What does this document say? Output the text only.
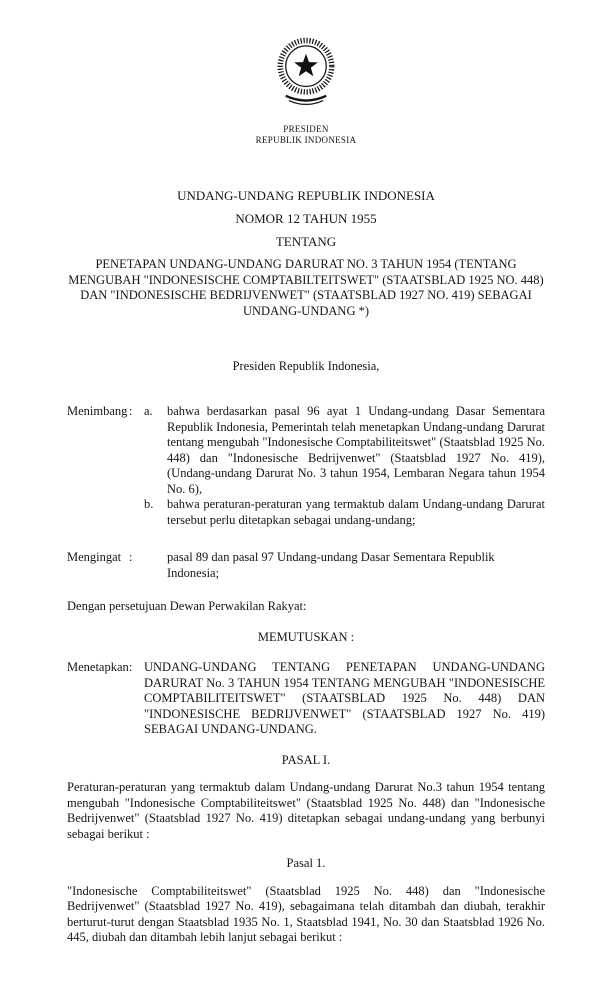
PRESIDEN
REPUBLIK INDONESIA
UNDANG-UNDANG REPUBLIK INDONESIA
NOMOR 12 TAHUN 1955
TENTANG
PENETAPAN UNDANG-UNDANG DARURAT NO. 3 TAHUN 1954 (TENTANG MENGUBAH "INDONESISCHE COMPTABILTEITSWET" (STAATSBLAD 1925 NO. 448) DAN "INDONESISCHE BEDRIJVENWET" (STAATSBLAD 1927 NO. 419) SEBAGAI UNDANG-UNDANG *)
Presiden Republik Indonesia,
Menimbang : a.	bahwa berdasarkan pasal 96 ayat 1 Undang-undang Dasar Sementara Republik Indonesia, Pemerintah telah menetapkan Undang-undang Darurat tentang mengubah "Indonesische Comptabiliteitswet" (Staatsblad 1925 No. 448) dan "Indonesische Bedrijvenwet" (Staatsblad 1927 No. 419), (Undang-undang Darurat No. 3 tahun 1954, Lembaran Negara tahun 1954 No. 6),
b.	bahwa peraturan-peraturan yang termaktub dalam Undang-undang Darurat tersebut perlu ditetapkan sebagai undang-undang;
Mengingat :	pasal 89 dan pasal 97 Undang-undang Dasar Sementara Republik Indonesia;
Dengan persetujuan Dewan Perwakilan Rakyat:
MEMUTUSKAN :
Menetapkan : UNDANG-UNDANG TENTANG PENETAPAN UNDANG-UNDANG DARURAT No. 3 TAHUN 1954 TENTANG MENGUBAH "INDONESISCHE COMPTABILITEITSWET" (STAATSBLAD 1925 No. 448) DAN "INDONESISCHE BEDRIJVENWET" (STAATSBLAD 1927 No. 419) SEBAGAI UNDANG-UNDANG.
PASAL I.
Peraturan-peraturan yang termaktub dalam Undang-undang Darurat No.3 tahun 1954 tentang mengubah "Indonesische Comptabiliteitswet" (Staatsblad 1925 No. 448) dan "Indonesische Bedrijvenwet" (Staatsblad 1927 No. 419) ditetapkan sebagai undang-undang yang berbunyi sebagai berikut :
Pasal 1.
"Indonesische Comptabiliteitswet" (Staatsblad 1925 No. 448) dan "Indonesische Bedrijvenwet" (Staatsblad 1927 No. 419), sebagaimana telah ditambah dan diubah, terakhir berturut-turut dengan Staatsblad 1935 No. 1, Staatsblad 1941, No. 30 dan Staatsblad 1926 No. 445, diubah dan ditambah lebih lanjut sebagai berikut :
